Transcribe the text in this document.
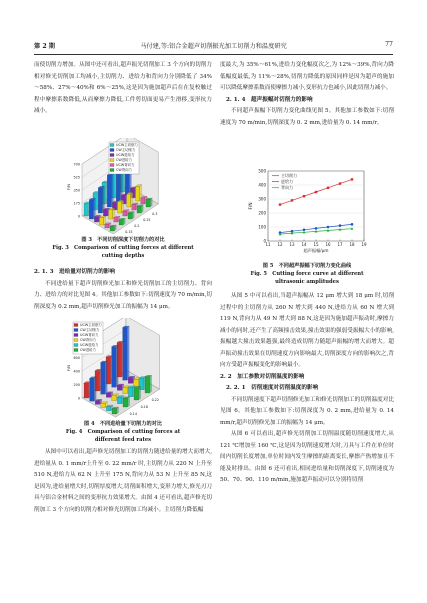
第 2 期	马付建,等:铝合金超声切削振光加工切削力和温度研究	77

而使切削力增加。从图中还可看出,超声振光切削加工 3 个方向的切削力相对修光切削加工均减小,主切削力、进给力和背向力分别降低了 34%～58%、27%～40%和 6%～25%,这是因为施加超声后在在复校触过程中摩擦系数降低,从而摩擦力降低,工件剪切面更易产生滑移,变形抗力减小。

0
175
350
525
700
F/N
0.15
0.2
0.25
0.3
UCW主切削力
CW主切削力
UCW进给力
CW进给力
UCW背向力
CW背向力
图 3　不同切削深度下切削力的对比
Fig. 3　Comparison of cutting forces at different
cutting depths

2. 1. 3　进给量对切削力的影响

不同进给量下超声切削修光加工和修光切削加工的主切削力、背向力、进给力的对比见图 4。其他加工参数如下:切削速度为 70 m/min,切削深度为 0.2 mm,超声切削修光加工的振幅为 14 μm。

0
200
400
600
F/N
0.14
0.18
0.22
UCW主切削力
CW主切削力
UCW背向力
CW背向力
UCW进给力
CW进给力
图 4　不同进给量下切削力的对比
Fig. 4　Comparison of cutting forces at
different feed rates

从图中可以看出,超声修光切削加工的切削力随进给量的增大而增大,进给量从 0. 1 mm/r上升至 0. 22 mm/r 时,主切削力从 220 N 上升至 510 N,进给力从 62 N 上升至 175 N,背向力从 53 N 上升至 85 N,这是因为,进给量增大时,切削厚度增大,切削面积增大,变形力增大,修光刃刀具与铝合金材料之间的变形抗力效果增大。由图 4 还可看出,超声修光切削加工 3 个方向的切削力相对修光切削加工均减小。主切削力降低幅

度最大,为 35%～61%,进给力变化幅度次之,为 12%～39%,背向力降低幅度最低,为 11%～28%,切削力降低的原因同样是因为超声的施加可以降低摩擦系数而使摩擦力减小,变形抗力也减小,因此切削力减小。

2. 1. 4　超声振幅对切削力的影响

不同超声振幅下切削力变化曲线见图 5。其他加工参数如下:切削速度为 70 m/min,切削深度为 0. 2 mm,进给量为 0. 14 mm/r。

0
100
200
300
400
500
11 12 13 14 15 16 17 18 19
超声振幅/μm
F/N
主切削力
进给力
背向力
图 5　不同超声振幅下切削力变化曲线
Fig. 5　Cutting force curve at different
ultrasonic amplitudes

从图 5 中可以看出,当超声振幅从 12 μm 增大到 18 μm 时,切削过程中的主切削力从 260 N 增大到 440 N,进给力从 60 N 增大到 119 N,背向力从 49 N 增大到 88 N,这是因为施加超声振动时,摩擦力减小的同时,还产生了高频撞击效果,撞击效果的强弱受振幅大小的影响,振幅越大撞击效果越强,最终造成切削力随超声振幅的增大而增大。超声振动撞击效果在切削速度方向影响最大,切削深度方向的影响次之,背向方受超声振幅变化的影响最小。

2. 2　加工参数对切削温度的影响

2. 2. 1　切削速度对切削温度的影响

不同切削速度下超声切削修光加工和修光切削加工的切削温度对比见图 6。其他加工参数如下:切削深度为 0. 2 mm,进给量为 0. 14 mm/r,超声切削修光加工的振幅为 14 μm。

从图 6 可以看出,超声修光切削加工切削温度随切削速度增大,从 121 ℃增加至 160 ℃,这是因为切削速度增大时,刀具与工件在单位时间内切削长度增加,单位时间内发生摩擦的距离变长,摩擦产热增加且不能及时排出。由图 6 还可看出,相同进给量和切削深度下,切削速度为 50、70、90、110 m/min,施加超声振动可以分别将切削
